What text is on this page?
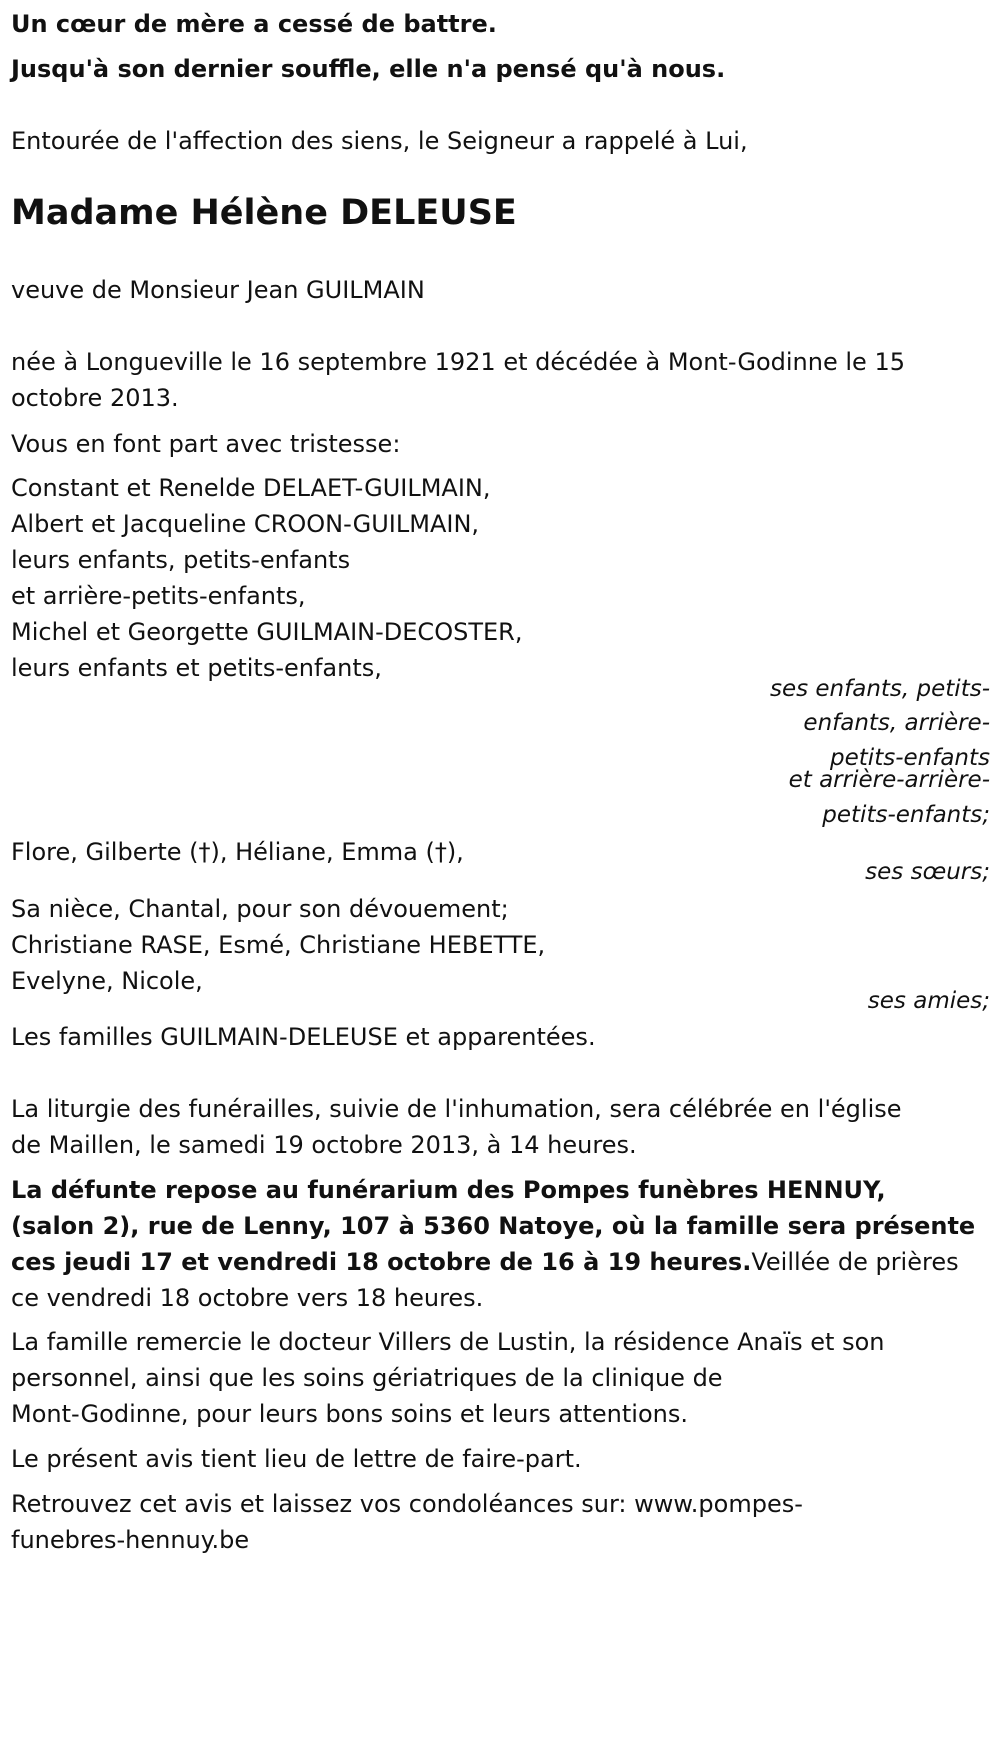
Un cœur de mère a cessé de battre.
Jusqu'à son dernier souffle, elle n'a pensé qu'à nous.
Entourée de l'affection des siens, le Seigneur a rappelé à Lui,
Madame Hélène DELEUSE
veuve de Monsieur Jean GUILMAIN
née à Longueville le 16 septembre 1921 et décédée à Mont-Godinne le 15
octobre 2013.
Vous en font part avec tristesse:
Constant et Renelde DELAET-GUILMAIN,
Albert et Jacqueline CROON-GUILMAIN,
leurs enfants, petits-enfants
et arrière-petits-enfants,
Michel et Georgette GUILMAIN-DECOSTER,
leurs enfants et petits-enfants,
ses enfants, petits-
enfants, arrière-
petits-enfants
et arrière-arrière-
petits-enfants;
Flore, Gilberte (†), Héliane, Emma (†),
ses sœurs;
Sa nièce, Chantal, pour son dévouement;
Christiane RASE, Esmé, Christiane HEBETTE,
Evelyne, Nicole,
ses amies;
Les familles GUILMAIN-DELEUSE et apparentées.
La liturgie des funérailles, suivie de l'inhumation, sera célébrée en l'église
de Maillen, le samedi 19 octobre 2013, à 14 heures.
La défunte repose au funérarium des Pompes funèbres HENNUY,
(salon 2), rue de Lenny, 107 à 5360 Natoye, où la famille sera présente
ces jeudi 17 et vendredi 18 octobre de 16 à 19 heures.Veillée de prières
ce vendredi 18 octobre vers 18 heures.
La famille remercie le docteur Villers de Lustin, la résidence Anaïs et son
personnel, ainsi que les soins gériatriques de la clinique de
Mont-Godinne, pour leurs bons soins et leurs attentions.
Le présent avis tient lieu de lettre de faire-part.
Retrouvez cet avis et laissez vos condoléances sur: www.pompes-
funebres-hennuy.be
